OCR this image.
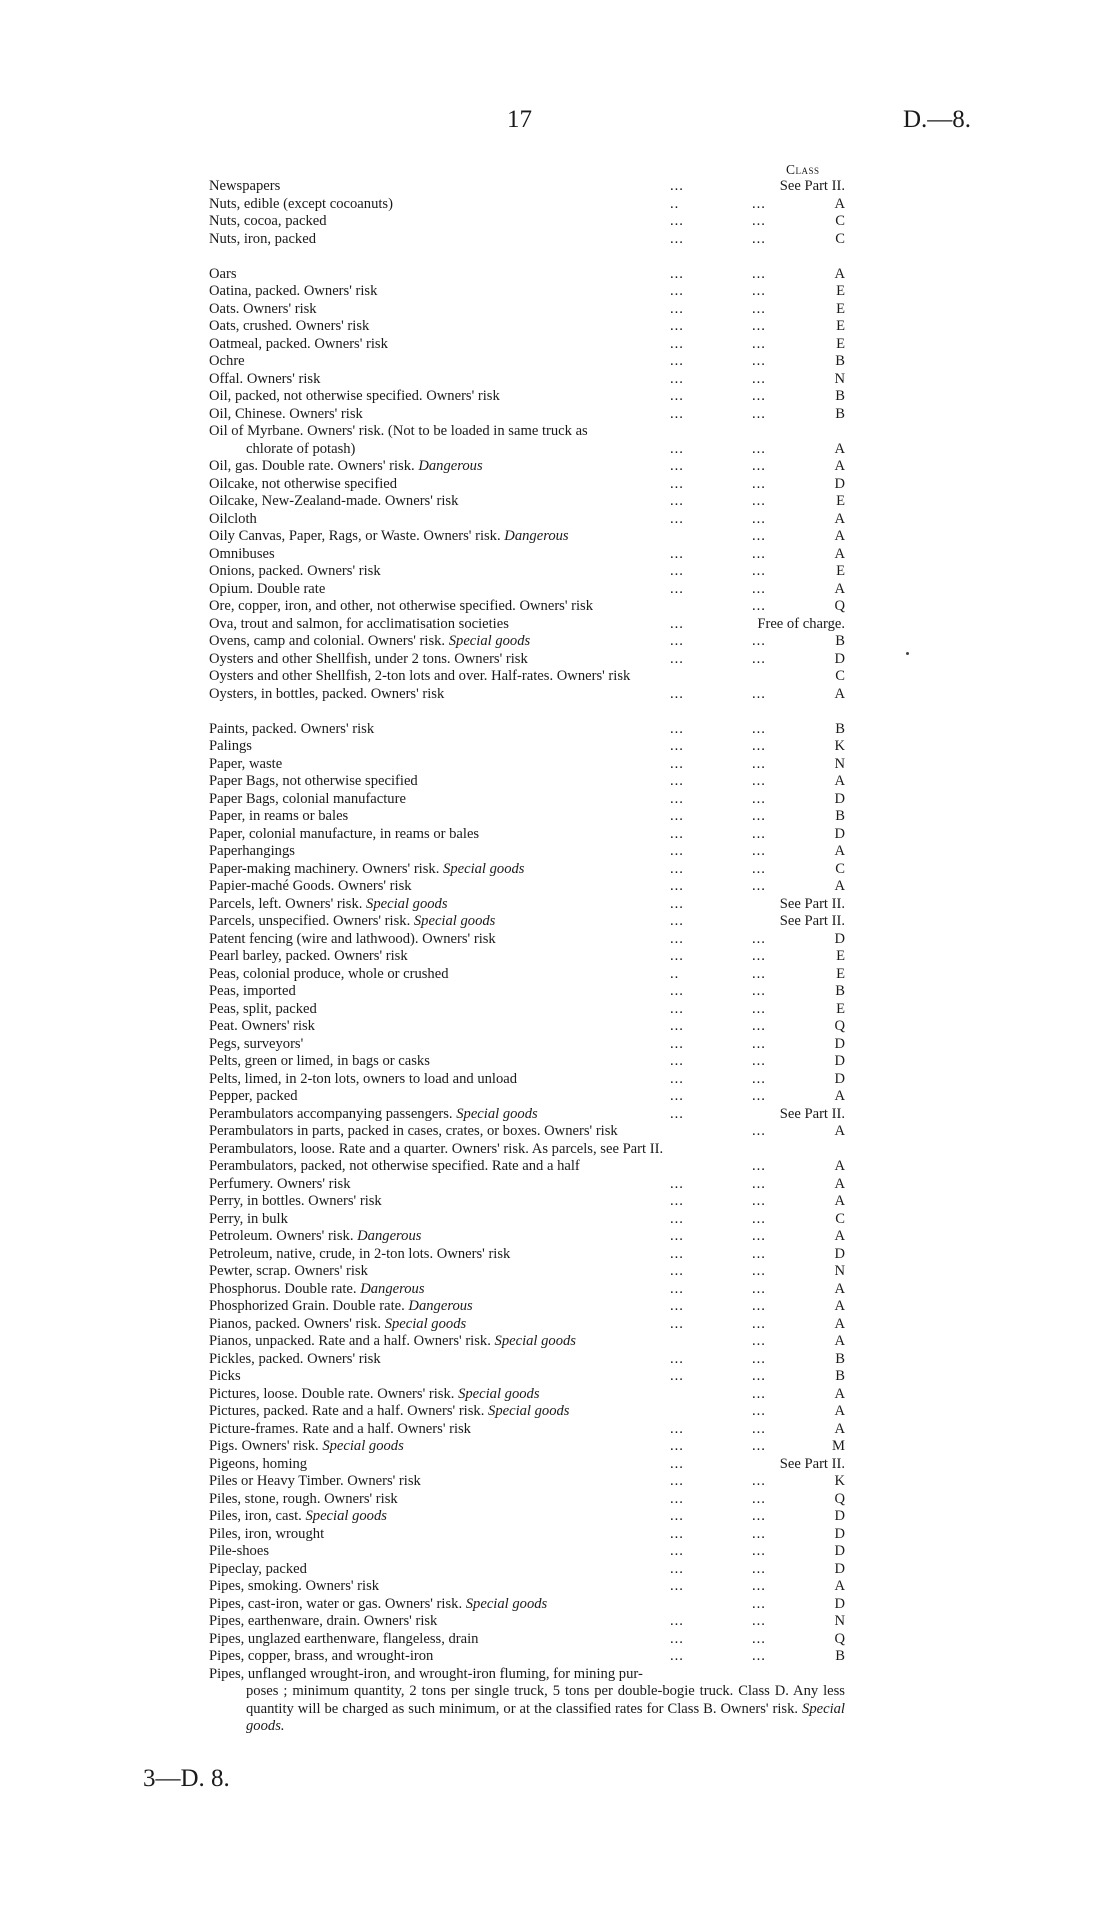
17	D.—8.
Class
Newspapers	...	See Part II.
Nuts, edible (except cocoanuts)	..	...	A
Nuts, cocoa, packed	...	...	C
Nuts, iron, packed	...	...	C
Oars	...	...	A
Oatina, packed. Owners' risk	...	...	E
Oats. Owners' risk	...	...	E
Oats, crushed. Owners' risk	...	...	E
Oatmeal, packed. Owners' risk	...	...	E
Ochre	...	...	B
Offal. Owners' risk	...	...	N
Oil, packed, not otherwise specified. Owners' risk	...	...	B
Oil, Chinese. Owners' risk	...	...	B
Oil of Myrbane. Owners' risk. (Not to be loaded in same truck as
chlorate of potash)	...	...	A
Oil, gas. Double rate. Owners' risk. Dangerous	...	...	A
Oilcake, not otherwise specified	...	...	D
Oilcake, New-Zealand-made. Owners' risk	...	...	E
Oilcloth	...	...	A
Oily Canvas, Paper, Rags, or Waste. Owners' risk. Dangerous	...	A
Omnibuses	...	...	A
Onions, packed. Owners' risk	...	...	E
Opium. Double rate	...	...	A
Ore, copper, iron, and other, not otherwise specified. Owners' risk	...	Q
Ova, trout and salmon, for acclimatisation societies	...	Free of charge.
Ovens, camp and colonial. Owners' risk. Special goods	...	...	B
Oysters and other Shellfish, under 2 tons. Owners' risk	...	...	D
Oysters and other Shellfish, 2-ton lots and over. Half-rates. Owners' risk	C
Oysters, in bottles, packed. Owners' risk	...	...	A
Paints, packed. Owners' risk	...	...	B
Palings	...	...	K
Paper, waste	...	...	N
Paper Bags, not otherwise specified	...	...	A
Paper Bags, colonial manufacture	...	...	D
Paper, in reams or bales	...	...	B
Paper, colonial manufacture, in reams or bales	...	...	D
Paperhangings	...	...	A
Paper-making machinery. Owners' risk. Special goods	...	...	C
Papier-maché Goods. Owners' risk	...	...	A
Parcels, left. Owners' risk. Special goods	...	See Part II.
Parcels, unspecified. Owners' risk. Special goods	...	See Part II.
Patent fencing (wire and lathwood). Owners' risk	...	...	D
Pearl barley, packed. Owners' risk	...	...	E
Peas, colonial produce, whole or crushed	..	...	E
Peas, imported	...	...	B
Peas, split, packed	...	...	E
Peat. Owners' risk	...	...	Q
Pegs, surveyors'	...	...	D
Pelts, green or limed, in bags or casks	...	...	D
Pelts, limed, in 2-ton lots, owners to load and unload	...	...	D
Pepper, packed	...	...	A
Perambulators accompanying passengers. Special goods	...	See Part II.
Perambulators in parts, packed in cases, crates, or boxes. Owners' risk	...	A
Perambulators, loose. Rate and a quarter. Owners' risk. As parcels, see Part II.
Perambulators, packed, not otherwise specified. Rate and a half	...	A
Perfumery. Owners' risk	...	...	A
Perry, in bottles. Owners' risk	...	...	A
Perry, in bulk	...	...	C
Petroleum. Owners' risk. Dangerous	...	...	A
Petroleum, native, crude, in 2-ton lots. Owners' risk	...	...	D
Pewter, scrap. Owners' risk	...	...	N
Phosphorus. Double rate. Dangerous	...	...	A
Phosphorized Grain. Double rate. Dangerous	...	...	A
Pianos, packed. Owners' risk. Special goods	...	...	A
Pianos, unpacked. Rate and a half. Owners' risk. Special goods	...	A
Pickles, packed. Owners' risk	...	...	B
Picks	...	...	B
Pictures, loose. Double rate. Owners' risk. Special goods	...	A
Pictures, packed. Rate and a half. Owners' risk. Special goods	...	A
Picture-frames. Rate and a half. Owners' risk	...	...	A
Pigs. Owners' risk. Special goods	...	...	M
Pigeons, homing	...	See Part II.
Piles or Heavy Timber. Owners' risk	...	...	K
Piles, stone, rough. Owners' risk	...	...	Q
Piles, iron, cast. Special goods	...	...	D
Piles, iron, wrought	...	...	D
Pile-shoes	...	...	D
Pipeclay, packed	...	...	D
Pipes, smoking. Owners' risk	...	...	A
Pipes, cast-iron, water or gas. Owners' risk. Special goods	...	D
Pipes, earthenware, drain. Owners' risk	...	...	N
Pipes, unglazed earthenware, flangeless, drain	...	...	Q
Pipes, copper, brass, and wrought-iron	...	...	B
Pipes, unflanged wrought-iron, and wrought-iron fluming, for mining pur-
poses ; minimum quantity, 2 tons per single truck, 5 tons per double-bogie truck. Class D. Any less quantity will be charged as such minimum, or at the classified rates for Class B. Owners' risk. Special goods.
3—D. 8.
